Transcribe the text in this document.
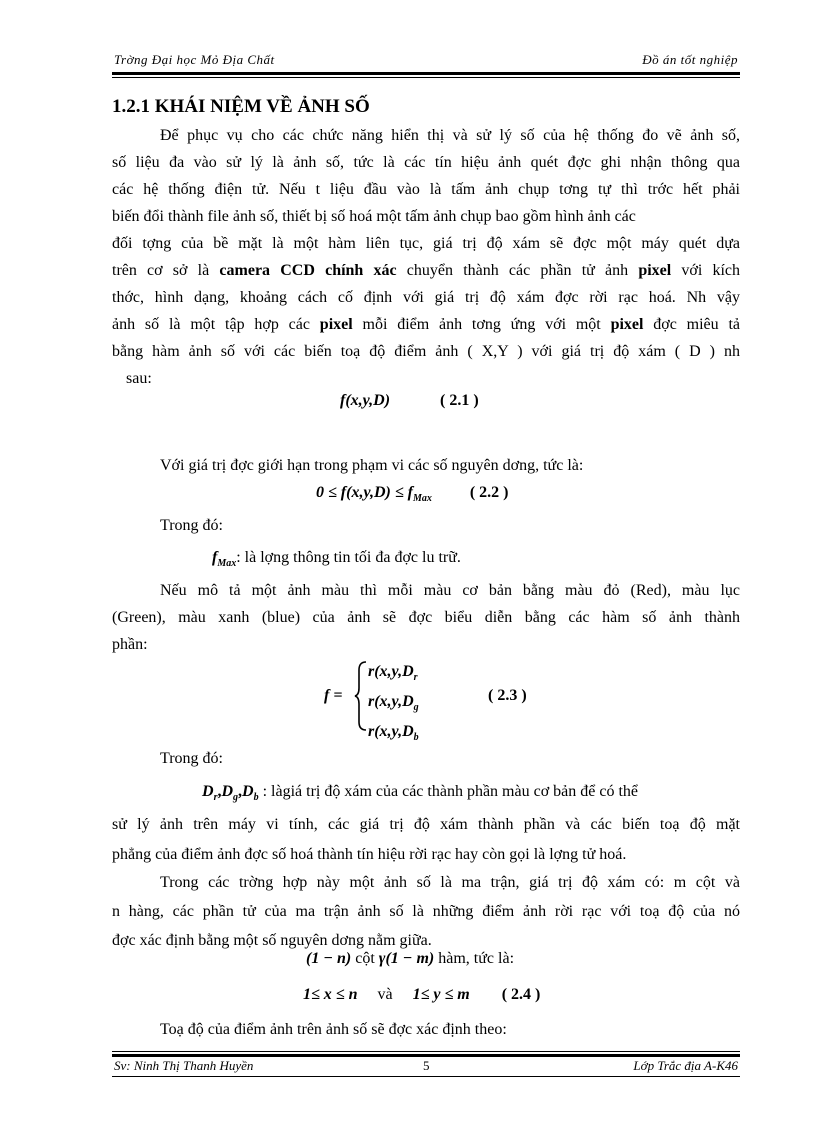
Trờng Đại học Mỏ Địa Chất	Đồ án tốt nghiệp
1.2.1 KHÁI NIỆM VỀ ẢNH SỐ
Để phục vụ cho các chức năng hiển thị và sử lý số của hệ thống đo vẽ ảnh số,
số liệu đa vào sử lý là ảnh số, tức là các tín hiệu ảnh quét đợc ghi nhận thông qua
các hệ thống điện tử. Nếu t liệu đầu vào là tấm ảnh chụp tơng tự thì trớc hết phải
biến đổi thành file ảnh số, thiết bị số hoá một tấm ảnh chụp bao gồm hình ảnh các
đối tợng của bề mặt là một hàm liên tục, giá trị độ xám sẽ đợc một máy quét dựa
trên cơ sở là camera CCD chính xác chuyển thành các phần tử ảnh pixel với kích
thớc, hình dạng, khoảng cách cố định với giá trị độ xám đợc rời rạc hoá. Nh vậy
ảnh số là một tập hợp các pixel mỗi điểm ảnh tơng ứng với một pixel đợc miêu tả
bằng hàm ảnh số với các biến toạ độ điểm ảnh ( X,Y ) với giá trị độ xám ( D ) nh
sau:
f(x,y,D)	( 2.1 )
Với giá trị đợc giới hạn trong phạm vi các số nguyên dơng, tức là:
$0 \le f(x,y,D) \le f_{Max}$ ( 2.2 )
Trong đó:
$f_{Max}$: là lợng thông tin tối đa đợc lu trữ.
Nếu mô tả một ảnh màu thì mỗi màu cơ bản bằng màu đỏ (Red), màu lục
(Green), màu xanh (blue) của ảnh sẽ đợc biểu diễn bằng các hàm số ảnh thành
phần:
f =
$r(x,y,D_r$
$r(x,y,D_g$
$r(x,y,D_b$
( 2.3 )
Trong đó:
$D_r,D_g,D_b$ : làgiá trị độ xám của các thành phần màu cơ bản để có thể
sử lý ảnh trên máy vi tính, các giá trị độ xám thành phần và các biến toạ độ mặt
phẳng của điểm ảnh đợc số hoá thành tín hiệu rời rạc hay còn gọi là lợng tử hoá.
Trong các trờng hợp này một ảnh số là ma trận, giá trị độ xám có: m cột và
n hàng, các phần tử của ma trận ảnh số là những điểm ảnh rời rạc với toạ độ của nó
đợc xác định bằng một số nguyên dơng nằm giữa.
(1 − n) cột γ(1 − m) hàm, tức là:
1≤ x ≤ n và 1≤ y ≤ m ( 2.4 )
Toạ độ của điểm ảnh trên ảnh số sẽ đợc xác định theo:
Sv: Ninh Thị Thanh Huyền	5	Lớp Trắc địa A-K46
